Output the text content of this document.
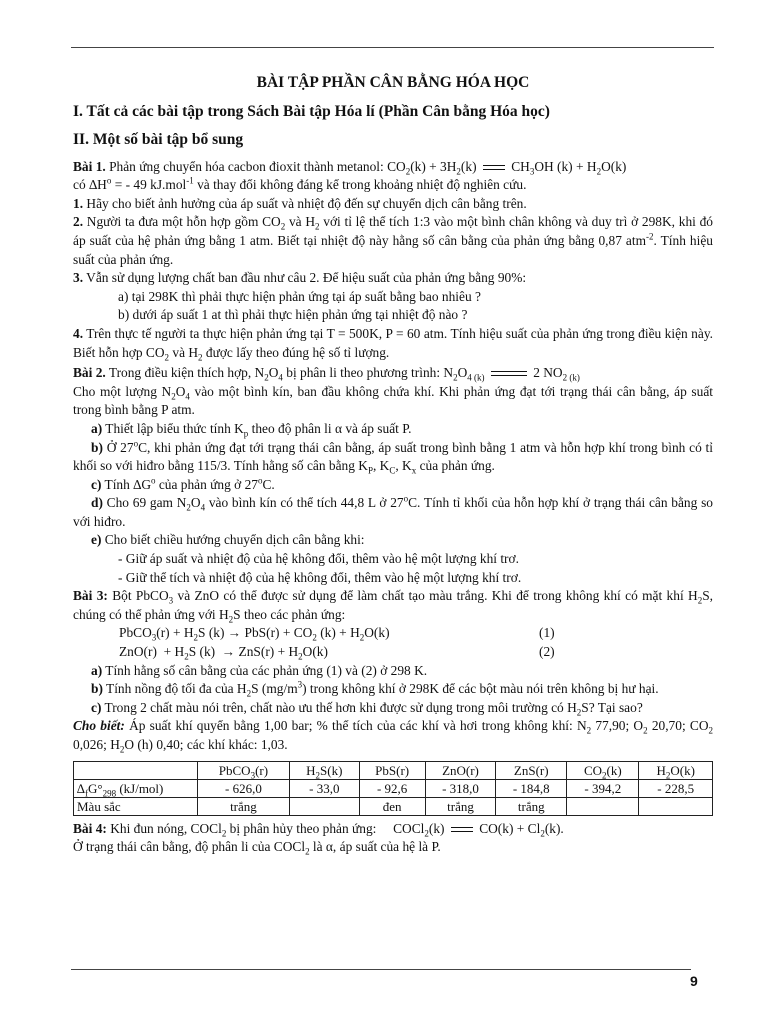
BÀI TẬP PHẦN CÂN BẰNG HÓA HỌC
I. Tất cả các bài tập trong Sách Bài tập Hóa lí (Phần Cân bằng Hóa học)
II. Một số bài tập bổ sung

Bài 1. Phản ứng chuyển hóa cacbon đioxit thành metanol: $CO_2(k) + 3H_2(k)$  $CH_3OH$ $(k) + H_2O(k)$

có $\Delta H^o$ = - 49 kJ.mol$^{-1}$ và thay đổi không đáng kể trong khoảng nhiệt độ nghiên cứu.

1. Hãy cho biết ảnh hưởng của áp suất và nhiệt độ đến sự chuyển dịch cân bằng trên.

2. Người ta đưa một hỗn hợp gồm $CO_2$ và $H_2$ với tỉ lệ thể tích 1:3 vào một bình chân không và duy trì ở 298K, khi đó áp suất của hệ phản ứng bằng 1 atm. Biết tại nhiệt độ này hằng số cân bằng của phản ứng bằng 0,87 atm$^{-2}$. Tính hiệu suất của phản ứng.

3. Vẫn sử dụng lượng chất ban đầu như câu 2. Để hiệu suất của phản ứng bằng 90%:

a) tại 298K thì phải thực hiện phản ứng tại áp suất bằng bao nhiêu ?

b) dưới áp suất 1 at thì phải thực hiện phản ứng tại nhiệt độ nào ?

4. Trên thực tế người ta thực hiện phản ứng tại T = 500K, P = 60 atm. Tính hiệu suất của phản ứng trong điều kiện này. Biết hỗn hợp $CO_2$ và $H_2$ được lấy theo đúng hệ số tỉ lượng.

Bài 2. Trong điều kiện thích hợp, $N_2O_4$ bị phân li theo phương trình: $N_2O_{4 (k)}$	2 $NO_{2 (k)}$

Cho một lượng $N_2O_4$ vào một bình kín, ban đầu không chứa khí. Khi phản ứng đạt tới trạng thái cân bằng, áp suất trong bình bằng P atm.

a) Thiết lập biểu thức tính $K_p$ theo độ phân li α và áp suất P.

b) Ở 27$^o$C, khi phản ứng đạt tới trạng thái cân bằng, áp suất trong bình bằng 1 atm và hỗn hợp khí trong bình có tỉ khối so với hiđro bằng 115/3. Tính hằng số cân bằng $K_P$, $K_C$, $K_x$ của phản ứng.

c) Tính $\Delta G^o$ của phản ứng ở 27$^o$C.

d) Cho 69 gam $N_2O_4$ vào bình kín có thể tích 44,8 L ở 27$^o$C. Tính tỉ khối của hỗn hợp khí ở trạng thái cân bằng so với hiđro.

e) Cho biết chiều hướng chuyển dịch cân bằng khi:

- Giữ áp suất và nhiệt độ của hệ không đổi, thêm vào hệ một lượng khí trơ.

- Giữ thể tích và nhiệt độ của hệ không đổi, thêm vào hệ một lượng khí trơ.

Bài 3: Bột PbCO$_3$ và ZnO có thể được sử dụng để làm chất tạo màu trắng. Khi để trong không khí có mặt khí $H_2S$, chúng có thể phản ứng với $H_2S$ theo các phản ứng:

PbCO$_3$(r) + $H_2S$ $(k) \to PbS(r) + CO_2$ $(k) + H_2O(k)$	(1)
$ZnO(r) + H_2S$ $(k) \to ZnS(r) + H_2O(k)$	(2)

a) Tính hằng số cân bằng của các phản ứng (1) và (2) ở 298 K.

b) Tính nồng độ tối đa của $H_2S$ $(mg/m^3)$ trong không khí ở 298K để các bột màu nói trên không bị hư hại.

c) Trong 2 chất màu nói trên, chất nào ưu thế hơn khi được sử dụng trong môi trường có $H_2S$? Tại sao?

Cho biết: Áp suất khí quyển bằng 1,00 bar; % thể tích của các khí và hơi trong không khí: $N_2$ 77,90; $O_2$ 20,70; $CO_2$ 0,026; $H_2O$ (h) 0,40; các khí khác: 1,03.

	PbCO$_3$(r)	$H_2S(k)$	PbS(r)	ZnO(r)	ZnS(r)	$CO_2(k)$	$H_2O(k)$
$\Delta_fG^\circ_{298}$ (kJ/mol)	- 626,0	- 33,0	- 92,6	- 318,0	- 184,8	- 394,2	- 228,5
Màu sắc	trắng		đen	trắng	trắng		

Bài 4: Khi đun nóng, COCl$_2$ bị phân hủy theo phản ứng:     COCl$_2$(k)  $CO(k) + Cl_2(k)$.

Ở trạng thái cân bằng, độ phân li của COCl$_2$ là α, áp suất của hệ là P.

9
